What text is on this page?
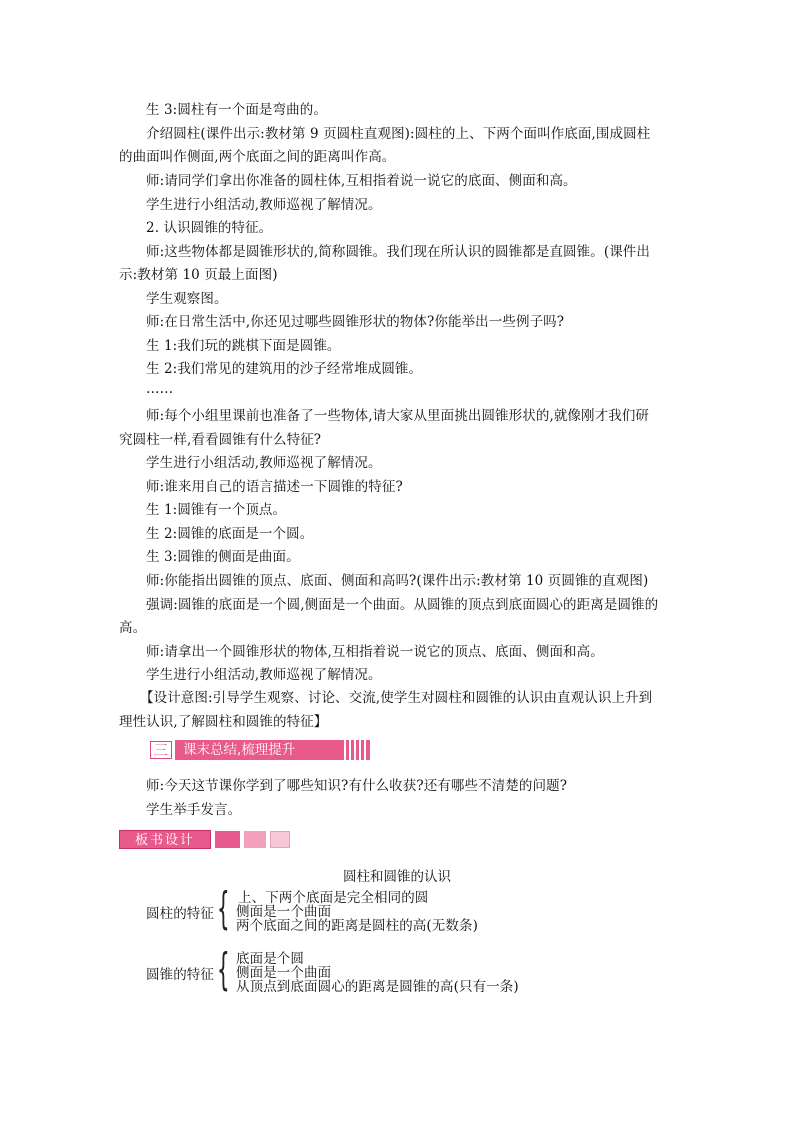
生 3:圆柱有一个面是弯曲的。
介绍圆柱(课件出示:教材第 9 页圆柱直观图):圆柱的上、下两个面叫作底面,围成圆柱
的曲面叫作侧面,两个底面之间的距离叫作高。
师:请同学们拿出你准备的圆柱体,互相指着说一说它的底面、侧面和高。
学生进行小组活动,教师巡视了解情况。
2. 认识圆锥的特征。
师:这些物体都是圆锥形状的,简称圆锥。我们现在所认识的圆锥都是直圆锥。(课件出
示:教材第 10 页最上面图)
学生观察图。
师:在日常生活中,你还见过哪些圆锥形状的物体?你能举出一些例子吗?
生 1:我们玩的跳棋下面是圆锥。
生 2:我们常见的建筑用的沙子经常堆成圆锥。
……
师:每个小组里课前也准备了一些物体,请大家从里面挑出圆锥形状的,就像刚才我们研
究圆柱一样,看看圆锥有什么特征?
学生进行小组活动,教师巡视了解情况。
师:谁来用自己的语言描述一下圆锥的特征?
生 1:圆锥有一个顶点。
生 2:圆锥的底面是一个圆。
生 3:圆锥的侧面是曲面。
师:你能指出圆锥的顶点、底面、侧面和高吗?(课件出示:教材第 10 页圆锥的直观图)
强调:圆锥的底面是一个圆,侧面是一个曲面。从圆锥的顶点到底面圆心的距离是圆锥的
高。
师:请拿出一个圆锥形状的物体,互相指着说一说它的顶点、底面、侧面和高。
学生进行小组活动,教师巡视了解情况。
【设计意图:引导学生观察、讨论、交流,使学生对圆柱和圆锥的认识由直观认识上升到
理性认识,了解圆柱和圆锥的特征】
三	课末总结,梳理提升
师:今天这节课你学到了哪些知识?有什么收获?还有哪些不清楚的问题?
学生举手发言。
板书设计
圆柱和圆锥的认识
圆柱的特征 { 上、下两个底面是完全相同的圆
侧面是一个曲面
两个底面之间的距离是圆柱的高(无数条)
圆锥的特征 { 底面是个圆
侧面是一个曲面
从顶点到底面圆心的距离是圆锥的高(只有一条)
